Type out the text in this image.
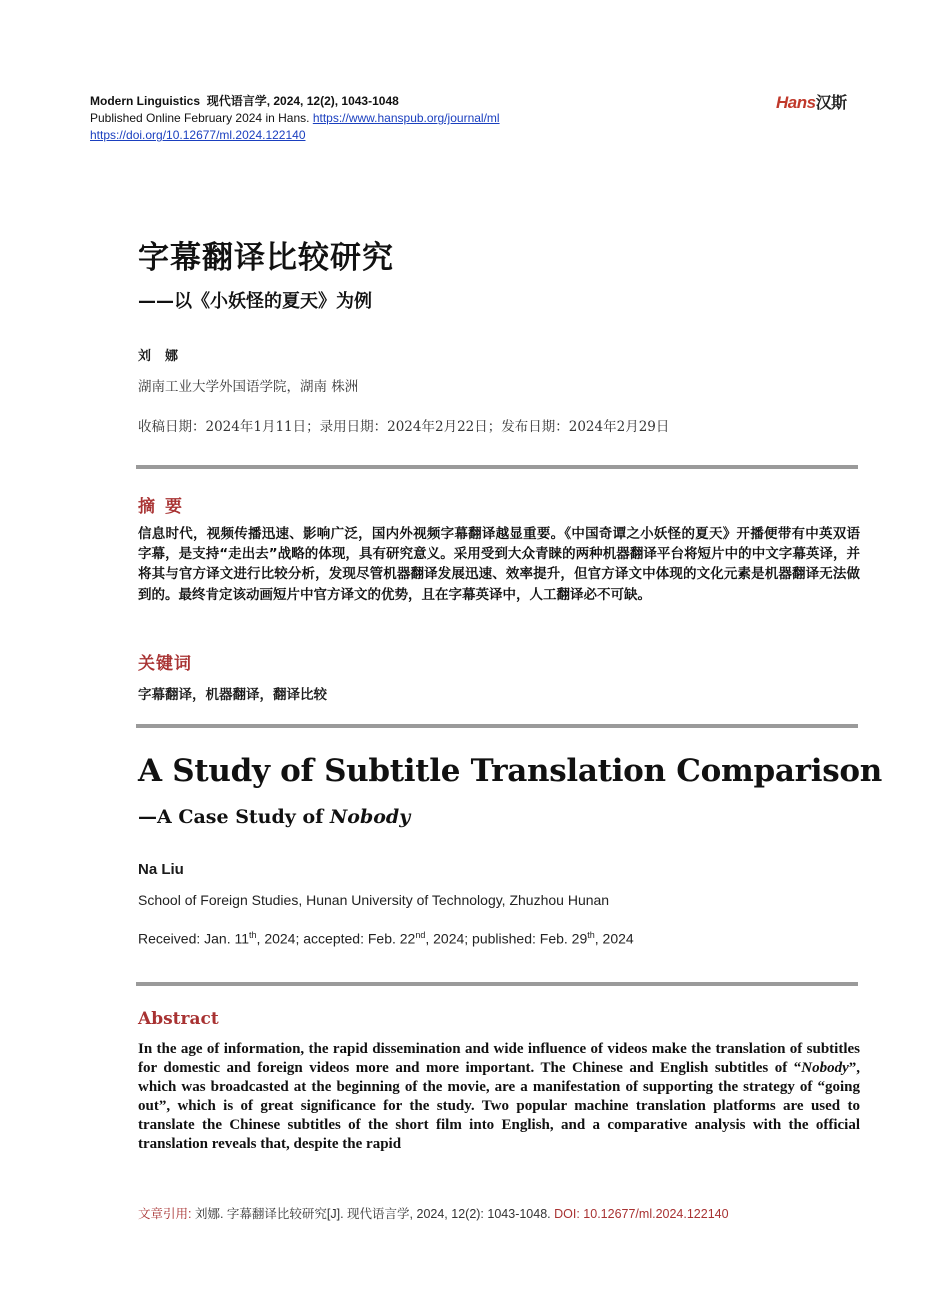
Modern Linguistics 现代语言学, 2024, 12(2), 1043-1048
Published Online February 2024 in Hans. https://www.hanspub.org/journal/ml
https://doi.org/10.12677/ml.2024.122140
Hans汉斯
字幕翻译比较研究
——以《小妖怪的夏天》为例
刘娜
湖南工业大学外国语学院，湖南 株洲
收稿日期：2024年1月11日；录用日期：2024年2月22日；发布日期：2024年2月29日
摘要
信息时代，视频传播迅速、影响广泛，国内外视频字幕翻译越显重要。《中国奇谭之小妖怪的夏天》开播便带有中英双语字幕，是支持“走出去”战略的体现，具有研究意义。采用受到大众青睐的两种机器翻译平台将短片中的中文字幕英译，并将其与官方译文进行比较分析，发现尽管机器翻译发展迅速、效率提升，但官方译文中体现的文化元素是机器翻译无法做到的。最终肯定该动画短片中官方译文的优势，且在字幕英译中，人工翻译必不可缺。
关键词
字幕翻译，机器翻译，翻译比较
A Study of Subtitle Translation Comparison
—A Case Study of Nobody
Na Liu
School of Foreign Studies, Hunan University of Technology, Zhuzhou Hunan
Received: Jan. 11th, 2024; accepted: Feb. 22nd, 2024; published: Feb. 29th, 2024
Abstract
In the age of information, the rapid dissemination and wide influence of videos make the translation of subtitles for domestic and foreign videos more and more important. The Chinese and English subtitles of “Nobody”, which was broadcasted at the beginning of the movie, are a manifestation of supporting the strategy of “going out”, which is of great significance for the study. Two popular machine translation platforms are used to translate the Chinese subtitles of the short film into English, and a comparative analysis with the official translation reveals that, despite the rapid
文章引用: 刘娜. 字幕翻译比较研究[J]. 现代语言学, 2024, 12(2): 1043-1048. DOI: 10.12677/ml.2024.122140
